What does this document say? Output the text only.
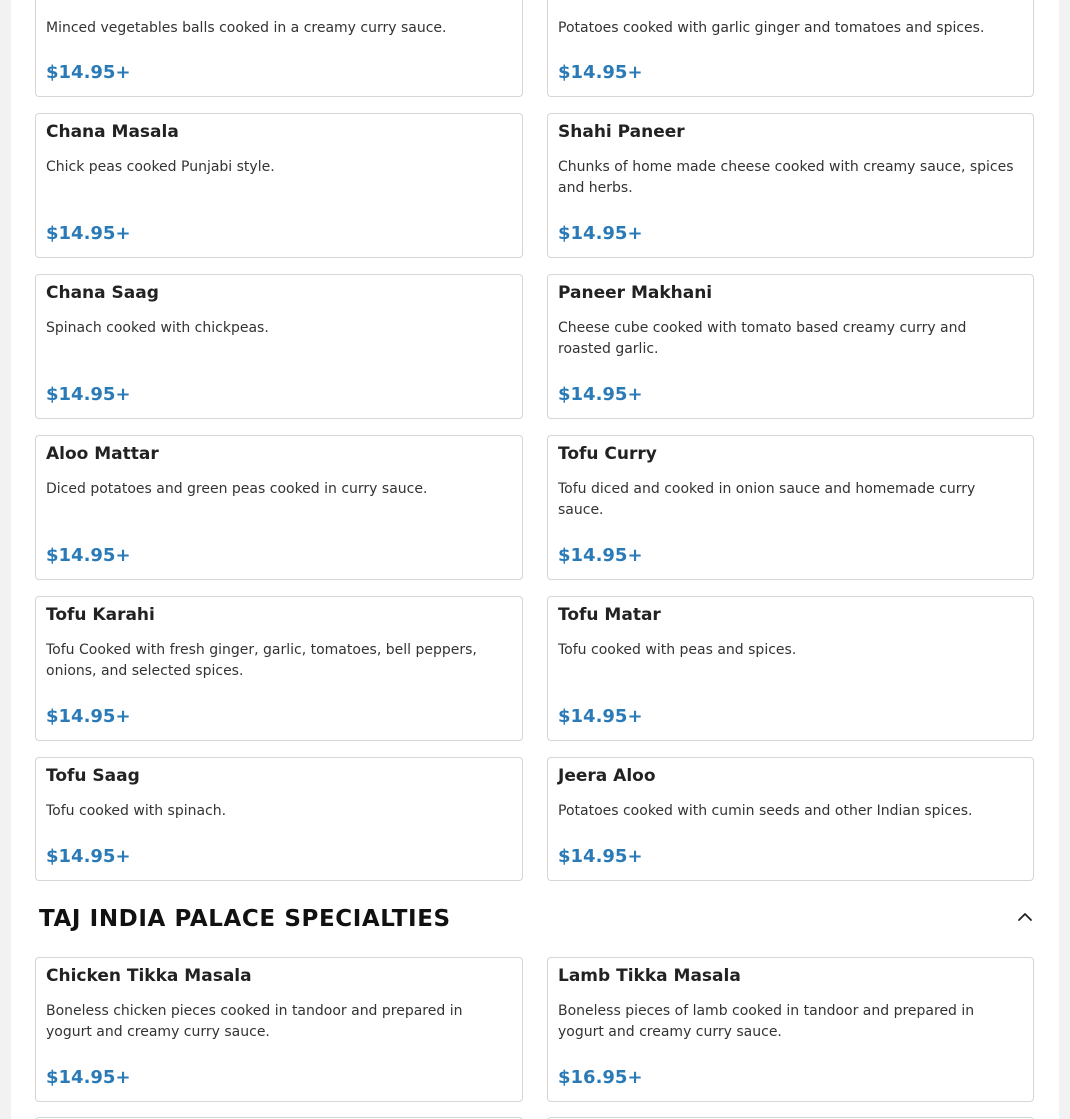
Minced vegetables balls cooked in a creamy curry sauce.

$14.95+

Potatoes cooked with garlic ginger and tomatoes and spices.

$14.95+

Chana Masala

Chick peas cooked Punjabi style.

$14.95+

Shahi Paneer

Chunks of home made cheese cooked with creamy sauce, spices and herbs.

$14.95+

Chana Saag

Spinach cooked with chickpeas.

$14.95+

Paneer Makhani

Cheese cube cooked with tomato based creamy curry and roasted garlic.

$14.95+

Aloo Mattar

Diced potatoes and green peas cooked in curry sauce.

$14.95+

Tofu Curry

Tofu diced and cooked in onion sauce and homemade curry sauce.

$14.95+

Tofu Karahi

Tofu Cooked with fresh ginger, garlic, tomatoes, bell peppers, onions, and selected spices.

$14.95+

Tofu Matar

Tofu cooked with peas and spices.

$14.95+

Tofu Saag

Tofu cooked with spinach.

$14.95+

Jeera Aloo

Potatoes cooked with cumin seeds and other Indian spices.

$14.95+

TAJ INDIA PALACE SPECIALTIES

Chicken Tikka Masala

Boneless chicken pieces cooked in tandoor and prepared in yogurt and creamy curry sauce.

$14.95+

Lamb Tikka Masala

Boneless pieces of lamb cooked in tandoor and prepared in yogurt and creamy curry sauce.

$16.95+
